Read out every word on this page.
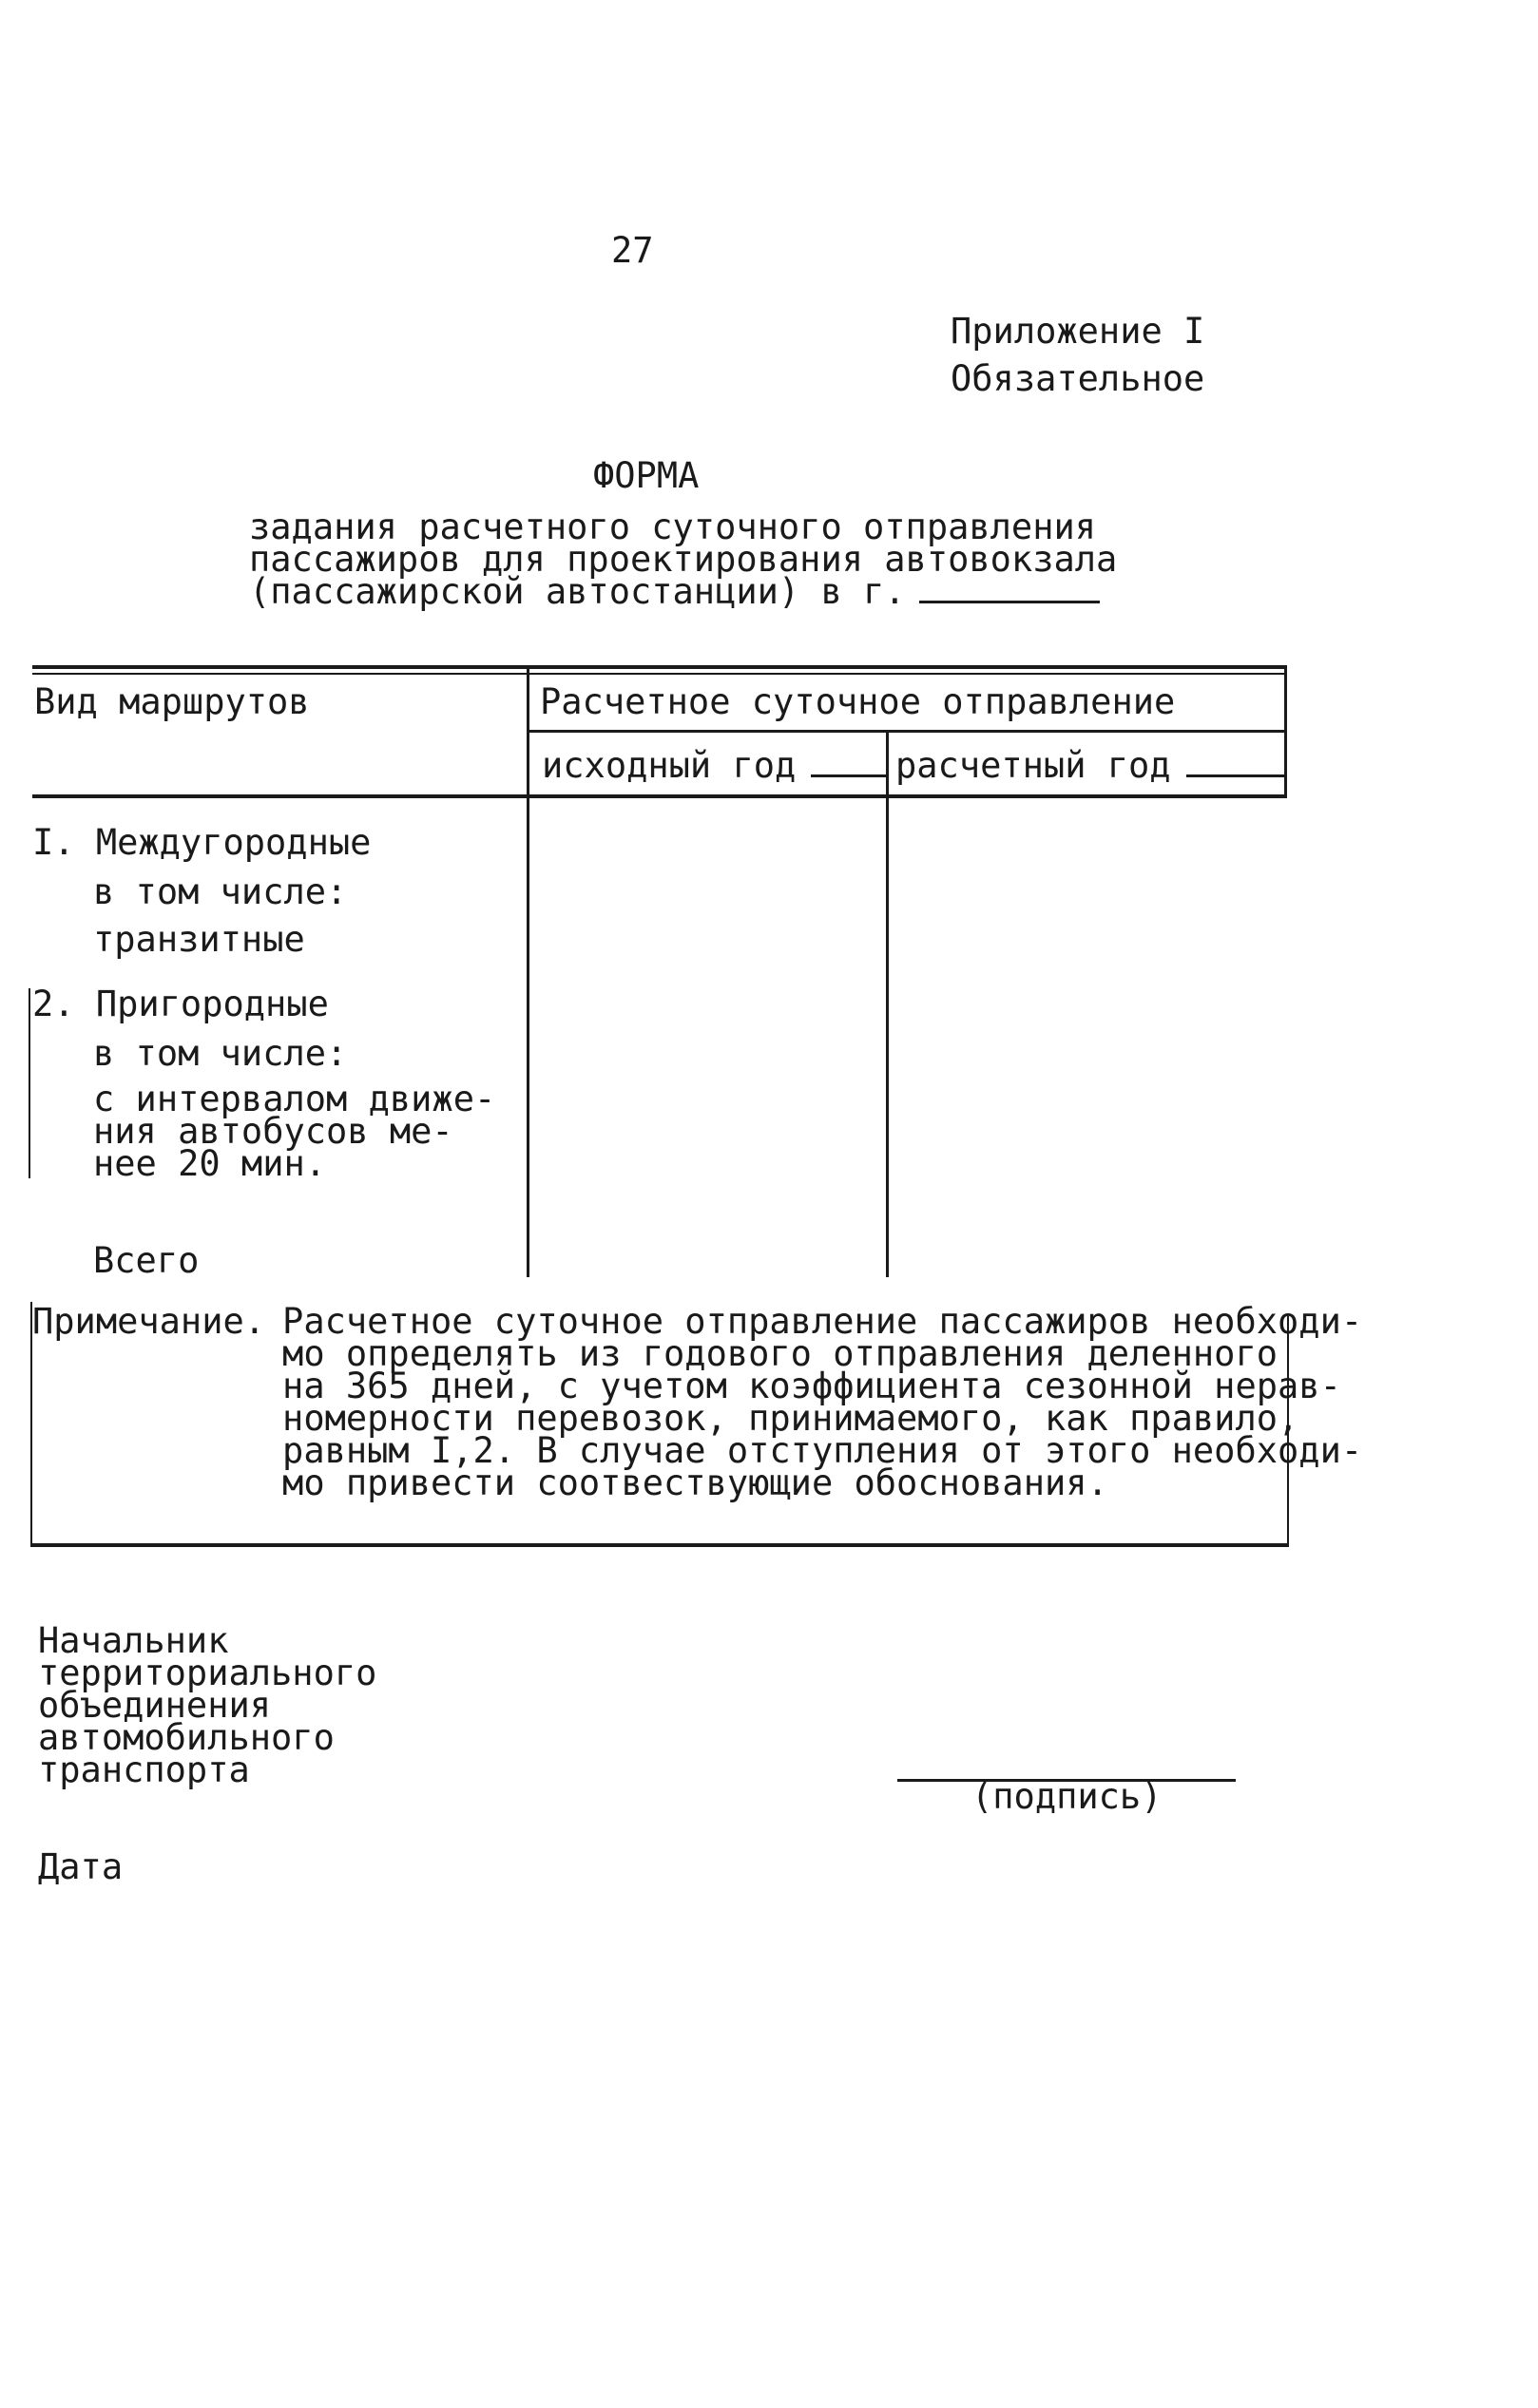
27
Приложение I
Обязательное
ФОРМА
задания расчетного суточного отправления
пассажиров для проектирования автовокзала
(пассажирской автостанции) в г.
Вид маршрутов	Расчетное суточное отправление
исходный год	расчетный год
I. Междугородные
в том числе:
транзитные
2. Пригородные
в том числе:
с интервалом движе-
ния автобусов ме-
нее 20 мин.
Всего
Примечание. Расчетное суточное отправление пассажиров необходи-
мо определять из годового отправления деленного
на 365 дней, с учетом коэффициента сезонной нерав-
номерности перевозок, принимаемого, как правило,
равным I,2. В случае отступления от этого необходи-
мо привести соотвествующие обоснования.
Начальник
территориального
объединения
автомобильного
транспорта
(подпись)
Дата
